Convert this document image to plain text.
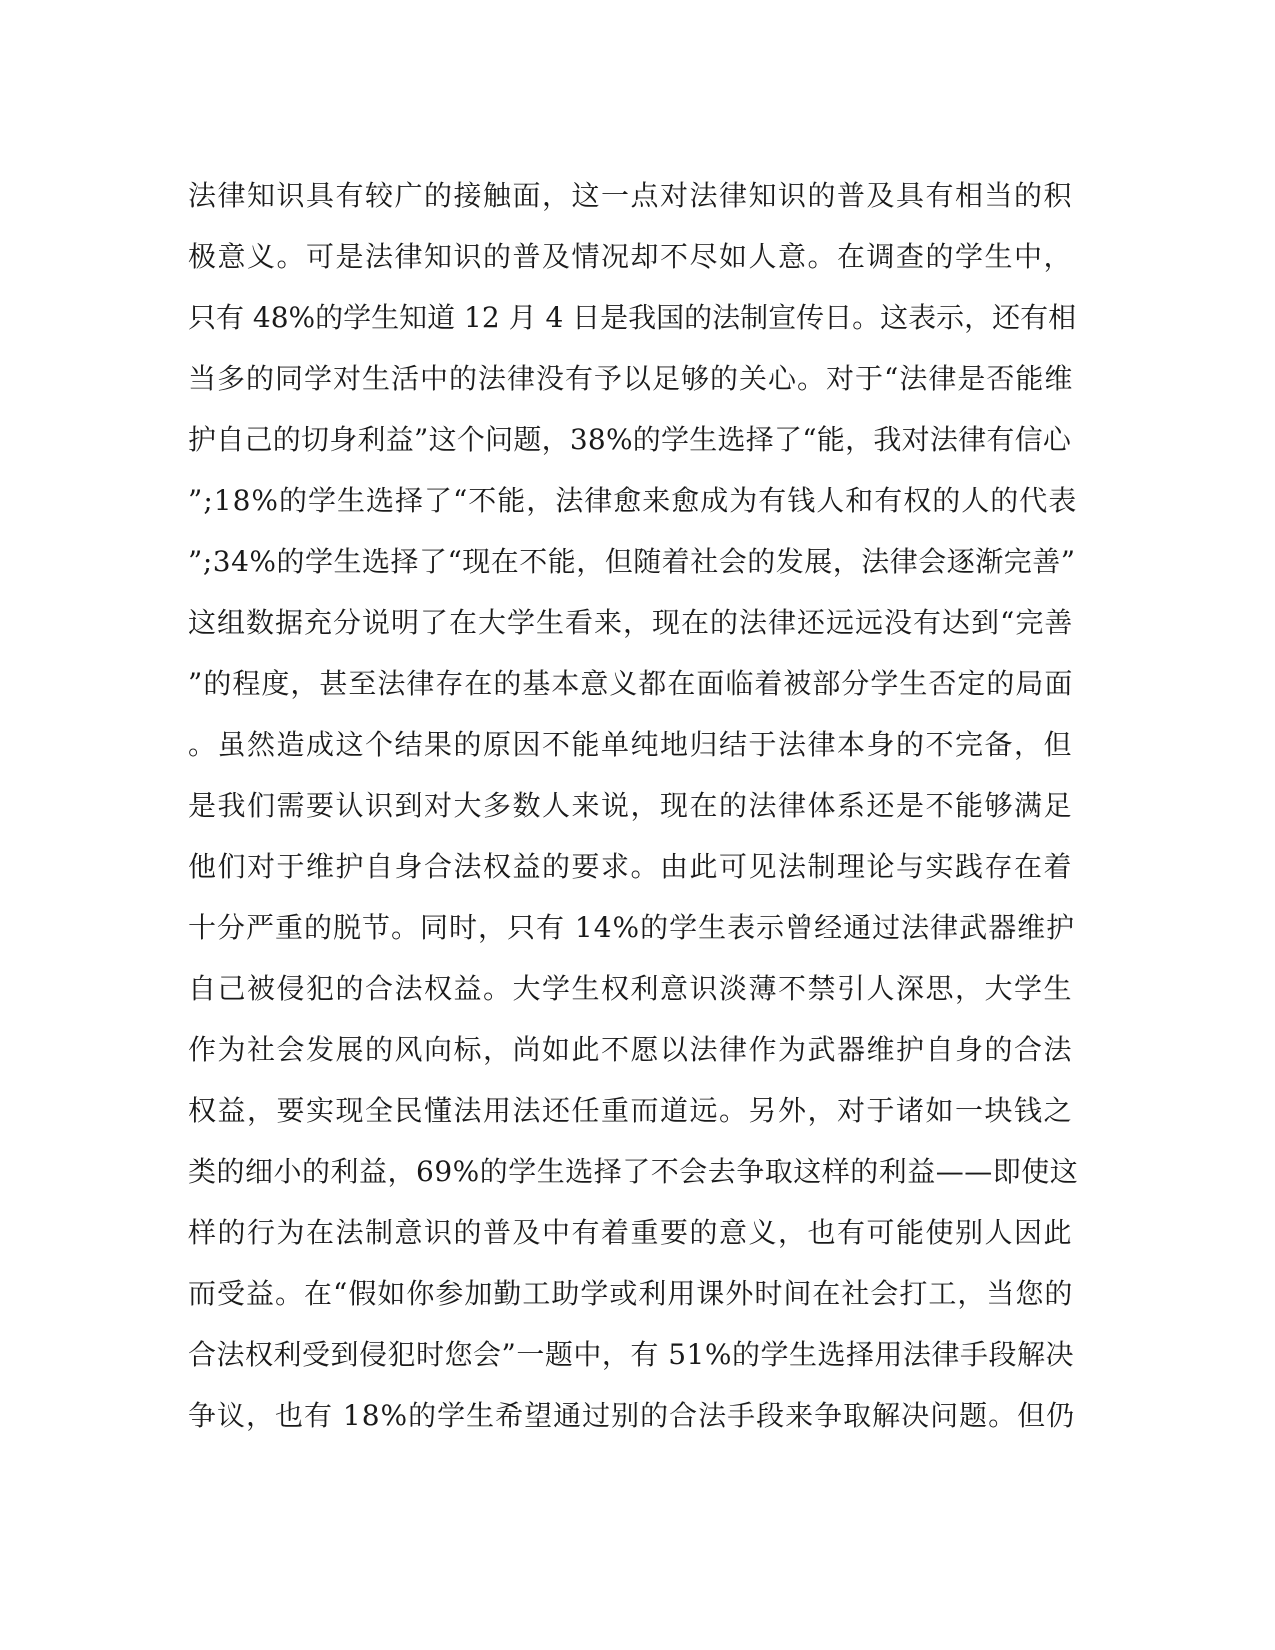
法律知识具有较广的接触面，这一点对法律知识的普及具有相当的积
极意义。可是法律知识的普及情况却不尽如人意。在调查的学生中，
只有 48%的学生知道 12 月 4 日是我国的法制宣传日。这表示，还有相
当多的同学对生活中的法律没有予以足够的关心。对于“法律是否能维
护自己的切身利益”这个问题，38%的学生选择了“能，我对法律有信心
”;18%的学生选择了“不能，法律愈来愈成为有钱人和有权的人的代表
”;34%的学生选择了“现在不能，但随着社会的发展，法律会逐渐完善”
这组数据充分说明了在大学生看来，现在的法律还远远没有达到“完善
”的程度，甚至法律存在的基本意义都在面临着被部分学生否定的局面
。虽然造成这个结果的原因不能单纯地归结于法律本身的不完备，但
是我们需要认识到对大多数人来说，现在的法律体系还是不能够满足
他们对于维护自身合法权益的要求。由此可见法制理论与实践存在着
十分严重的脱节。同时，只有 14%的学生表示曾经通过法律武器维护
自己被侵犯的合法权益。大学生权利意识淡薄不禁引人深思，大学生
作为社会发展的风向标，尚如此不愿以法律作为武器维护自身的合法
权益，要实现全民懂法用法还任重而道远。另外，对于诸如一块钱之
类的细小的利益，69%的学生选择了不会去争取这样的利益——即使这
样的行为在法制意识的普及中有着重要的意义，也有可能使别人因此
而受益。在“假如你参加勤工助学或利用课外时间在社会打工，当您的
合法权利受到侵犯时您会”一题中，有 51%的学生选择用法律手段解决
争议，也有 18%的学生希望通过别的合法手段来争取解决问题。但仍
